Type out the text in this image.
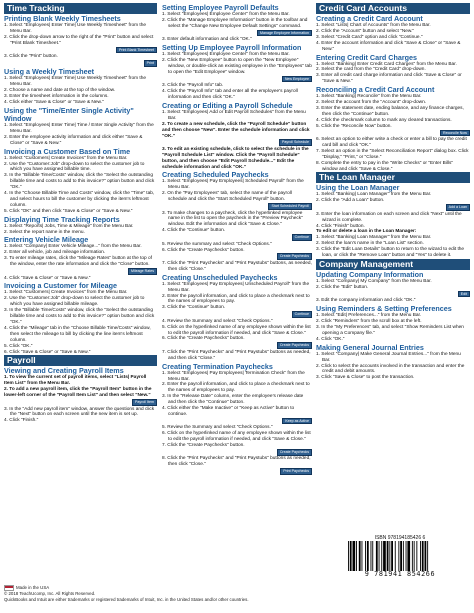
Time Tracking
Printing Blank Weekly Timesheets
1. Select "Employees| Enter Time| Use Weekly Timesheet" from the Menu Bar.
2. Click the drop-down arrow to the right of the "Print" button and select "Print Blank Timesheet."
Print Blank Timesheet
3. Click the "Print" button.
Print
Using a Weekly Timesheet
1. Select "Employees| Enter Time| Use Weekly Timesheet" from the Menu Bar.
2. Choose a name and date at the top of the window.
3. Enter the timesheet information in the columns.
4. Click either "Save & Close" or "Save & New."
Using the "Time/Enter Single Activity" Window
1. Select "Employees| Enter Time| Time / Enter Single Activity" from the Menu Bar.
2. Enter the employee activity information and click either "Save & Close" or "Save & New."
Invoicing a Customer Based on Time
1. Select "Customers| Create Invoices" from the Menu Bar.
2. Use the "Customer:Job" drop-down to select the customer job to which you have assigned billable time.
3. In the "Billable Time/Costs" window, click the "Select the outstanding billable time and costs to add to this invoice?" option button and click "OK."
4. In the "Choose Billable Time and Costs" window, click the "Time" tab, and select hours to bill the customer by clicking the item's leftmost column.
5. Click "OK" and then click "Save & Close" or "Save & New."
Displaying Time Tracking Reports
1. Select "Reports| Jobs, Time & Mileage" from the Menu Bar.
2. Select the report name in the menu.
Entering Vehicle Mileage
1. Select "Company| Enter Vehicle Mileage..." from the Menu Bar.
2. Enter all vehicle, job and mileage information.
3. To enter mileage rates, click the "Mileage Rates" button at the top of the window, enter the rate information and click the "Close" button.
Mileage Rates
4. Click "Save & Close" or "Save & New."
Invoicing a Customer for Mileage
1. Select "Customers| Create Invoices" from the Menu Bar.
2. Use the "Customer:Job" drop-down to select the customer job to which you have assigned billable mileage.
3. In the "Billable Time/Costs" window, click the "Select the outstanding billable time and costs to add to this invoice?" option button and click "OK."
4. Click the "Mileage" tab in the "Choose Billable Time/Costs" window, then select the mileage to bill by clicking the line item's leftmost column.
5. Click "OK."
6. Click "Save & Close" or "Save & New."
Payroll
Viewing and Creating Payroll Items
1. To view the current set of payroll items, select "Lists| Payroll Item List" from the Menu Bar.
2. To add a new payroll item, click the "Payroll Item" button in the lower-left corner of the "Payroll Item List" and then select "New."
Payroll Item
3. In the "Add new payroll item" window, answer the questions and click the "Next" button on each screen until the new item is set up.
4. Click "Finish."
Setting Employee Payroll Defaults
1. Select "Employees| Employee Center" from the Menu Bar.
2. Click the "Manage Employee Information" button in the toolbar and select the "Change New Employee Default Settings" command.
Manage Employee Information
3. Enter default information and click "OK."
Setting Up Employee Payroll Information
1. Select "Employees| Employee Center" from the Menu Bar.
2. Click the "New Employee" button to open the "New Employee" window, or double-click an existing employee in the "Employees" tab to open the "Edit Employee" window.
New Employee
3. Click the "Payroll Info" tab.
4. Click the "Payroll Info" tab and enter all the employee's payroll information and then click "OK."
Creating or Editing a Payroll Schedule
1. Select "Employees| Add or Edit Payroll Schedules" from the Menu Bar.
2. To create a new schedule, click the "Payroll Schedule" button and then choose "New". Enter the schedule information and click "OK."
Payroll Schedule
3. To edit an existing schedule, click to select the schedule in the "Payroll Schedule List" window. Click the "Payroll Schedule" button, and then choose "Edit Payroll Schedule..." Edit the schedule information and click "OK."
Creating Scheduled Paychecks
1. Select "Employees| Pay Employees| Scheduled Payroll" from the Menu Bar.
2. On the "Pay Employees" tab, select the name of the payroll schedule and click the "Start Scheduled Payroll" button.
Start Scheduled Payroll
3. To make changes to a paycheck, click the hyperlinked employee name in the list to open the paycheck in the "Preview Paycheck" window. Edit the information and click "Save & Close."
4. Click the "Continue" button.
Continue
5. Review the summary and select "Check Options."
6. Click the "Create Paychecks" button.
Create Paychecks
7. Click the "Print Paychecks" and "Print Paystubs" buttons, as needed, then click "Close."
Creating Unscheduled Paychecks
1. Select "Employees| Pay Employees| Unscheduled Payroll" from the Menu Bar.
2. Enter the payroll information, and click to place a checkmark next to the names of employees to pay.
3. Click the "Continue" button.
Continue
4. Review the Summary and select "Check Options."
5. Click on the hyperlinked name of any employee shown within the list to edit the payroll information if needed, and click "Save & Close."
6. Click the "Create Paychecks" button.
Create Paychecks
7. Click the "Print Paychecks" and "Print Paystubs" buttons as needed, and then click "Close."
Creating Termination Paychecks
1. Select "Employees| Pay Employees| Termination Check" from the Menu Bar.
2. Enter the payroll information, and click to place a checkmark next to the names of employees to pay.
3. In the "Release Date" column, enter the employee's release date and then click the "Continue" button.
4. Click either the "Make Inactive" or "Keep as Active" button to continue.
Keep as Active
5. Review the Summary and select "Check Options."
6. Click on the hyperlinked name of any employee shown within the list to edit the payroll information if needed, and click "Save & Close."
7. Click the "Create Paychecks" button.
Create Paychecks
8. Click the "Print Paychecks" and "Print Paystubs" buttons as needed, then click "Close."
Print Paychecks
Credit Card Accounts
Creating a Credit Card Account
1. Select "Lists| Chart of Accounts" from the Menu Bar.
2. Click the "Account" button and select "New."
3. Select "Credit Card" option and click "Continue."
4. Enter the account information and click "Save & Close" or "Save & New."
Entering Credit Card Charges
1. Select "Banking| Enter Credit Card Charges" from the Menu Bar.
2. Select the card from the "Credit Card" drop-down.
3. Enter all credit card charge information and click "Save & Close" or "Save & New."
Reconciling a Credit Card Account
1. Select "Banking| Reconcile" from the Menu Bar.
2. Select the account from the "Account" drop-down.
3. Enter the statement date, ending balance, and any finance charges, then click the "Continue" button.
4. Click the checkmark column to mark any cleared transactions.
5. Click the "Reconcile Now" button.
Reconcile Now
6. Select an option to either write a check or enter a bill to pay the credit card bill and click "OK."
7. Select an option in the "Select Reconciliation Report" dialog box. Click "Display," "Print," or "Close."
8. Complete the entry to pay in the "Write Checks" or "Enter Bills" window and click "Save & Close."
The Loan Manager
Using the Loan Manager
1. Select "Banking| Loan Manager" from the Menu Bar.
2. Click the "Add a Loan" button.
Add a Loan
3. Enter the loan information on each screen and click "Next" until the wizard is complete.
4. Click "Finish" button.
To edit or delete a loan in the Loan Manager:
1. Select "Banking| Loan Manager" from the Menu Bar.
2. Select the loan's name in the "Loan List" section.
3. Click the "Edit Loan Details" button to return to the wizard to edit the loan, or click the "Remove Loan" button and "Yes" to delete it.
Company Management
Updating Company Information
1. Select "Company| My Company" from the Menu Bar.
2. Click the "Edit" button.
Edit
3. Edit the company information and click "OK."
Using Reminders & Setting Preferences
1. Select "Edit| Preferences..." from the Menu Bar.
2. Click "Reminders" from the scroll box at the left.
3. In the "My Preferences" tab, and select "Show Reminders List when opening a Company file."
4. Click "OK."
Making General Journal Entries
1. Select "Company| Make General Journal Entries..." from the Menu Bar.
2. Click to select the accounts involved in the transaction and enter the credit and debit amounts.
3. Click "Save & Close" to post the transaction.
Made in the USA
© 2018 TeachUcomp, Inc. All Rights Reserved.
QuickBooks and Intuit are either trademarks or registered trademarks of Intuit, Inc. in the United States and/or other countries.
ISBN 978194185426 6
9 781941 854266
